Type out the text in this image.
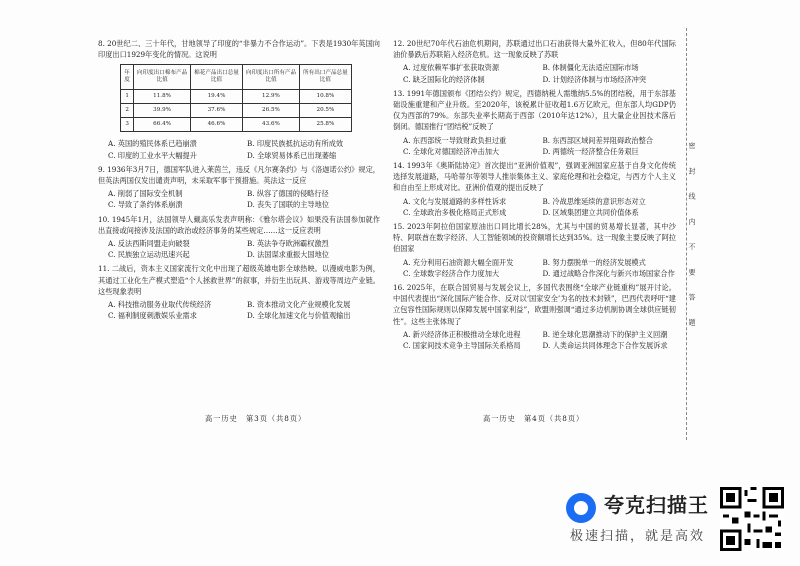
8. 20世纪二、三十年代，甘地领导了印度的“非暴力不合作运动”。下表是1930年英国向印度出口1929年变化的情况。这说明

年度	向印度出口棉布产品比值	棉花产品出口总量比值	向印度出口所有产品比值	所有出口产品总量比值
1	11.8%	19.4%	12.9%	10.8%
2	39.9%	37.6%	26.5%	20.5%
3	66.4%	46.6%	43.6%	25.8%
A. 英国的殖民体系已趋崩溃	B. 印度民族抵抗运动有所成效
C. 印度的工业水平大幅提升	D. 全球贸易体系已出现萎缩

9. 1936年3月7日，德国军队进入莱茵兰，违反《凡尔赛条约》与《洛迦诺公约》规定，但英法两国仅发出谴责声明，未采取军事干预措施。英法这一反应

A. 削弱了国际安全机制	B. 纵容了德国的侵略行径
C. 导致了条约体系崩溃	D. 丧失了国联的主导地位

10. 1945年1月，法国领导人戴高乐发表声明称：《雅尔塔会议》如果没有法国参加就作出直接或间接涉及法国的政治或经济事务的某些规定……这一反应表明

A. 反法西斯同盟走向破裂	B. 英法争夺欧洲霸权激烈
C. 民族独立运动迅速兴起	D. 法国谋求重振大国地位

11. 二战后，资本主义国家流行文化中出现了超级英雄电影全球热映。以漫威电影为例，其通过工业化生产模式塑造“个人拯救世界”的叙事，并衍生出玩具、游戏等周边产业链。这些现象表明

A. 科技推动服务业取代传统经济	B. 资本推动文化产业规模化发展
C. 福利制度刺激娱乐业需求	D. 全球化加速文化与价值观输出

12. 20世纪70年代石油危机期间，苏联通过出口石油获得大量外汇收入，但80年代国际油价暴跌后苏联陷入经济危机。这一现象反映了苏联

A. 过度依赖军事扩张获取资源	B. 体制僵化无法适应国际市场
C. 缺乏国际化的经济体制	D. 计划经济体制与市场经济冲突

13. 1991年德国颁布《团结公约》规定，西德纳税人需缴纳5.5%的团结税，用于东部基础设施重建和产业升级。至2020年，该税累计征收超1.6万亿欧元，但东部人均GDP仍仅为西部的79%。东部失业率长期高于西部（2010年达12%），且大量企业因技术落后倒闭。德国推行“团结税”反映了

A. 东西部统一导致财政负担过重	B. 东西部区域间差异阻碍政治整合
C. 全球化对德国经济冲击加大	D. 两德统一经济整合任务艰巨

14. 1993年《奥斯陆协定》首次提出“亚洲价值观”，强调亚洲国家应基于自身文化传统选择发展道路，马哈蒂尔等领导人推崇集体主义、家庭伦理和社会稳定，与西方个人主义和自由至上形成对比。亚洲价值观的提出反映了

A. 文化与发展道路的多样性诉求	B. 冷战思维延续的意识形态对立
C. 全球政治多极化格局正式形成	D. 区域集团建立共同价值体系

15. 2023年阿拉伯国家原油出口同比增长28%，尤其与中国的贸易增长显著，其中沙特、阿联酋在数字经济、人工智能领域的投资额增长达到35%。这一现象主要反映了阿拉伯国家

A. 充分利用石油资源大幅全面开发	B. 努力摆脱单一的经济发展模式
C. 全球数字经济合作力度加大	D. 通过战略合作深化与新兴市场国家合作

16. 2025年，在联合国贸易与发展会议上，多国代表围绕“全球产业链重构”展开讨论。中国代表提出“深化国际产能合作、反对以‘国家安全’为名的技术封锁”，巴西代表呼吁“建立包容性国际规则以保障发展中国家利益”，欧盟则强调“通过多边机制协调全球供应链韧性”。这些主张体现了

A. 新兴经济体正积极推动全球化进程	B. 逆全球化思潮推动下的保护主义回潮
C. 国家间技术竞争主导国际关系格局	D. 人类命运共同体理念下合作发展诉求
高一历史　第3页（共8页）	高一历史　第4页（共8页）
密 封 线 内 不 要 答 题
夸克扫描王
极速扫描，就是高效
